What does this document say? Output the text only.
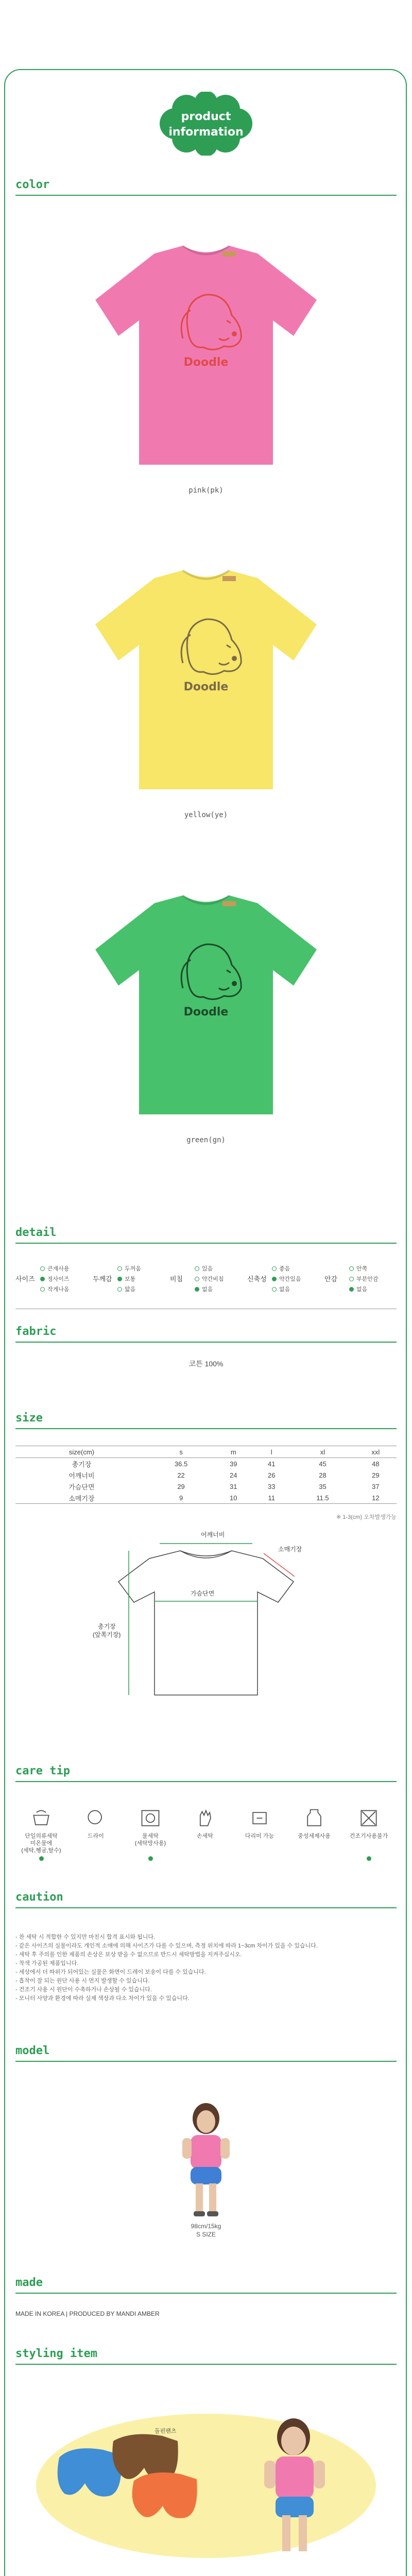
product
information
color
Doodle
pink(pk)
Doodle
yellow(ye)
Doodle
green(gn)
detail
사이즈
큰재사용
정사이즈
작게나옴
두께감
두꺼움
보통
얇음
비침
있음
약간비침
없음
신축성
좋음
약간있음
없음
안감
안쪽
부분안감
없음
fabric
코튼 100%
size
size(cm)	s	m	l	xl	xxl
총기장	36.5	39	41	45	48
어깨너비	22	24	26	28	29
가슴단면	29	31	33	35	37
소매기장	9	10	11	11.5	12
※ 1-3(cm) 오차발생가능
어깨너비
소매기장
가슴단면
총기장
(앞쪽기장)
care tip
단일의류세탁
미온물에
(세탁,헹굼,탈수)
드라이	물세탁
(세탁망사용)
손세탁	다리미 가능	중성세제사용	건조기사용불가
caution
- 찬 세탁 시 적합한 수 있지만 마친시 합격 표시와 됩니다.
- 같은 사이즈의 실물이라도 개인적 소매에 의해 사이즈가 다를 수 있으며, 측정 위치에 따라 1~3cm 차이가 있을 수 있습니다.
- 세탁 후 주의를 인한 제품의 손상은 보상 받을 수 없으므로 반드시 세탁방법을 지켜주십시오.
- 착색 가공된 제품입니다.
- 세상에서 더 따위가 되어있는 실물은 화면이 드레이 보송이 다를 수 있습니다.
- 흡착이 잘 되는 원단 사용 시 먼지 발생할 수 있습니다.
- 건조기 사용 시 원단이 수축하거나 손상될 수 있습니다.
- 모니터 사양과 환경에 따라 실제 색상과 다소 차이가 있을 수 있습니다.
model
98cm/15kg
S SIZE
made
MADE IN KOREA | PRODUCED BY MANDI AMBER
styling item
돌핀팬츠
